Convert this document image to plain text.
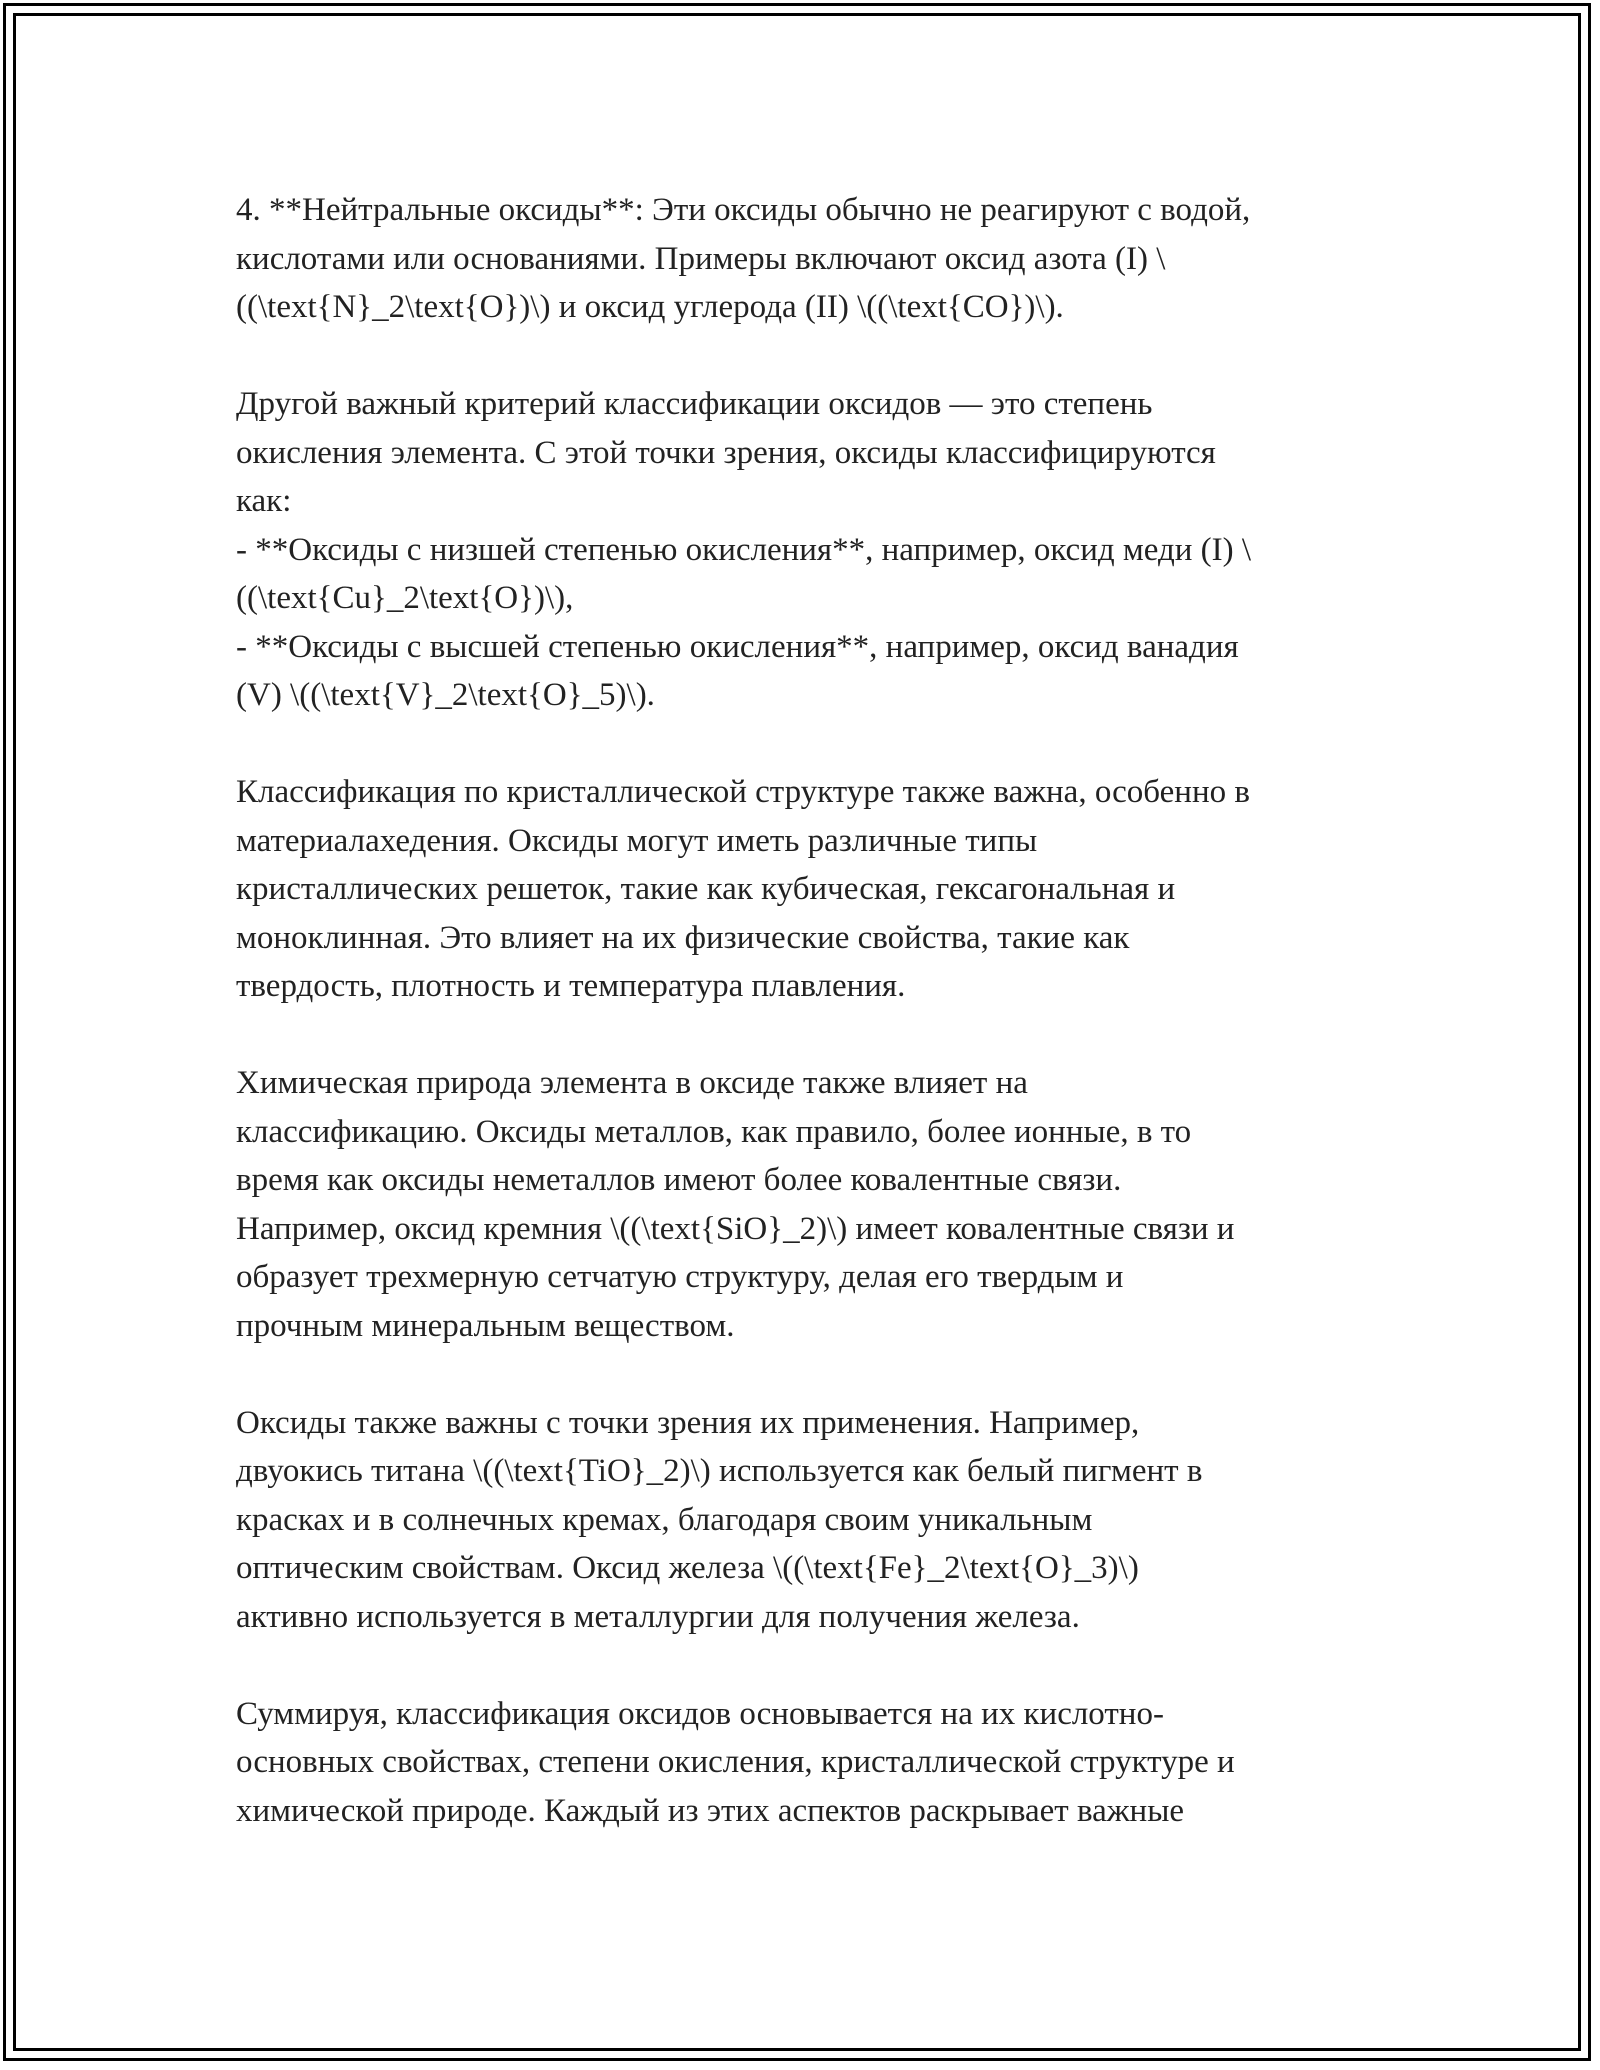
4. **Нейтральные оксиды**: Эти оксиды обычно не реагируют с водой,
кислотами или основаниями. Примеры включают оксид азота (I) \
((\text{N}_2\text{O})\) и оксид углерода (II) \((\text{CO})\).

Другой важный критерий классификации оксидов — это степень
окисления элемента. С этой точки зрения, оксиды классифицируются
как:
- **Оксиды с низшей степенью окисления**, например, оксид меди (I) \
((\text{Cu}_2\text{O})\),
- **Оксиды с высшей степенью окисления**, например, оксид ванадия
(V) \((\text{V}_2\text{O}_5)\).

Классификация по кристаллической структуре также важна, особенно в
материалахедения. Оксиды могут иметь различные типы
кристаллических решеток, такие как кубическая, гексагональная и
моноклинная. Это влияет на их физические свойства, такие как
твердость, плотность и температура плавления.

Химическая природа элемента в оксиде также влияет на
классификацию. Оксиды металлов, как правило, более ионные, в то
время как оксиды неметаллов имеют более ковалентные связи.
Например, оксид кремния \((\text{SiO}_2)\) имеет ковалентные связи и
образует трехмерную сетчатую структуру, делая его твердым и
прочным минеральным веществом.

Оксиды также важны с точки зрения их применения. Например,
двуокись титана \((\text{TiO}_2)\) используется как белый пигмент в
красках и в солнечных кремах, благодаря своим уникальным
оптическим свойствам. Оксид железа \((\text{Fe}_2\text{O}_3)\)
активно используется в металлургии для получения железа.

Суммируя, классификация оксидов основывается на их кислотно-
основных свойствах, степени окисления, кристаллической структуре и
химической природе. Каждый из этих аспектов раскрывает важные
